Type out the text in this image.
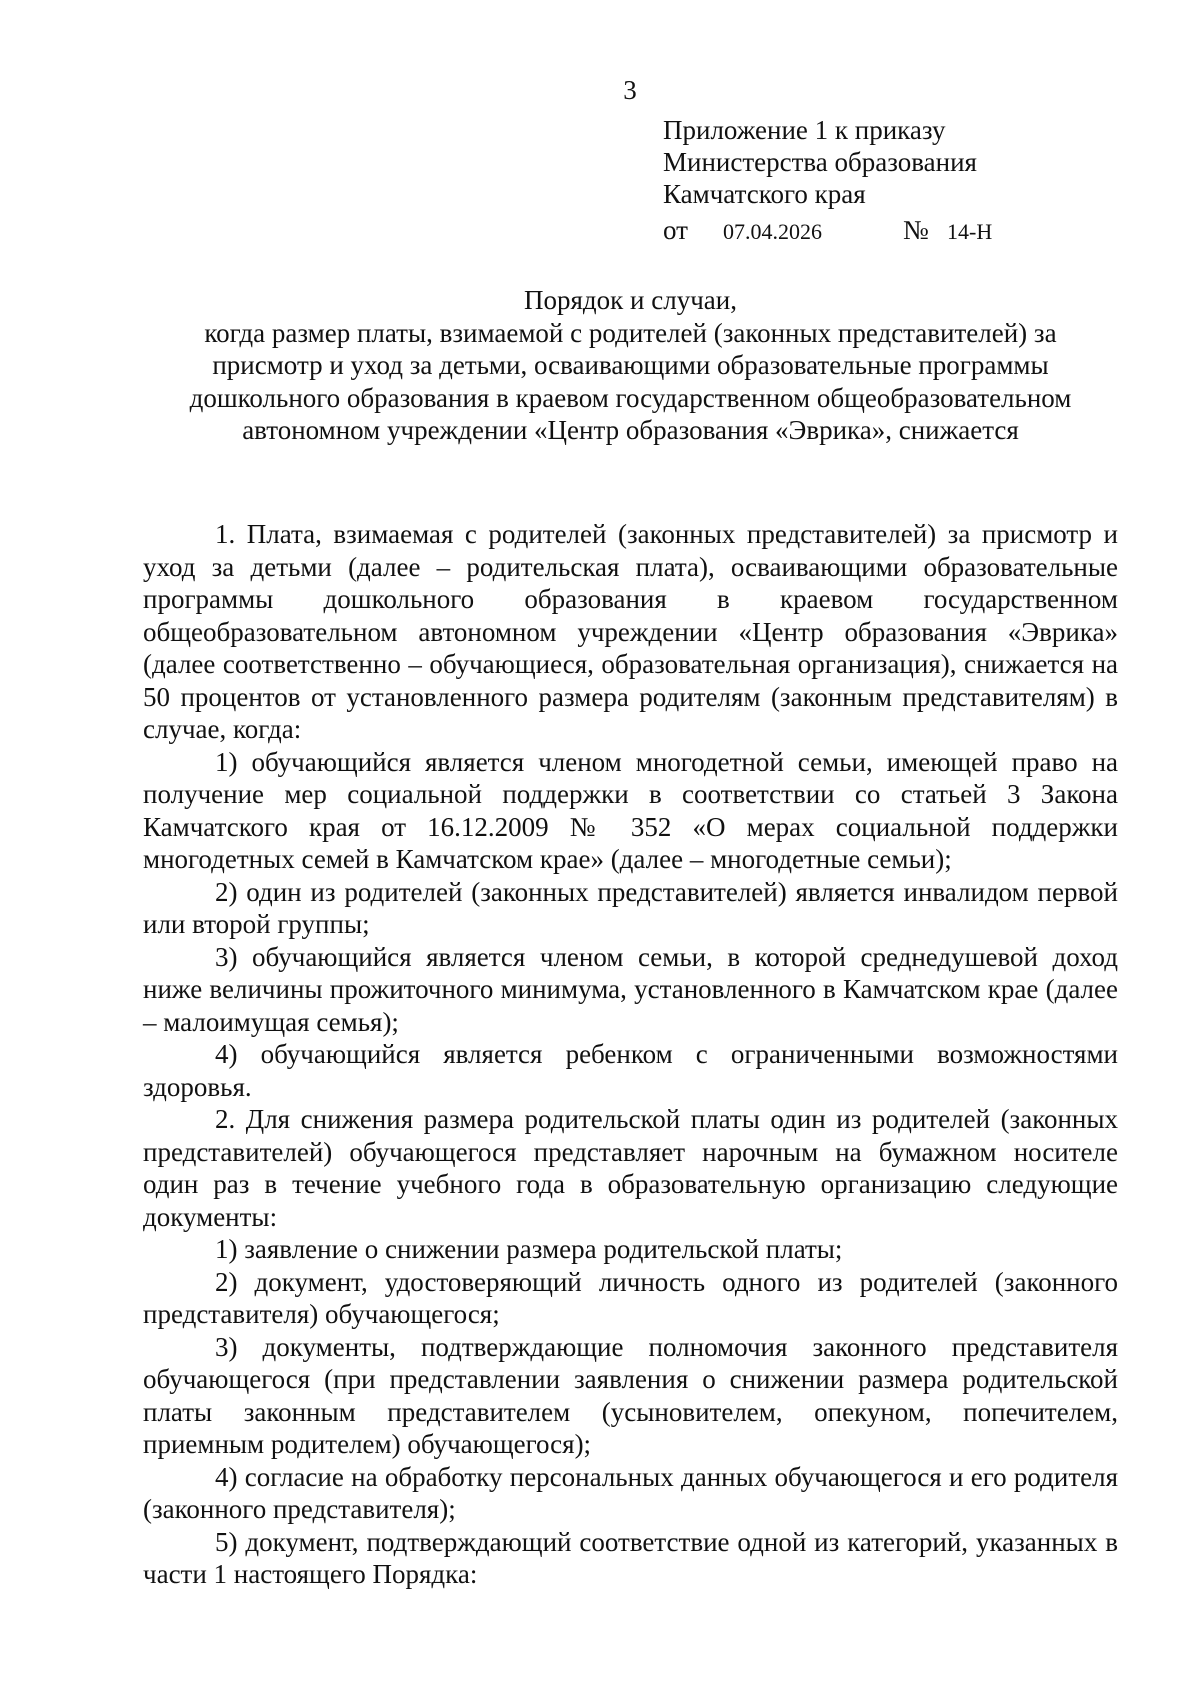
3
Приложение 1 к приказу
Министерства образования
Камчатского края
от	07.04.2026	№ 14-Н
Порядок и случаи,
когда размер платы, взимаемой с родителей (законных представителей) за
присмотр и уход за детьми, осваивающими образовательные программы
дошкольного образования в краевом государственном общеобразовательном
автономном учреждении «Центр образования «Эврика», снижается

1. Плата, взимаемая с родителей (законных представителей) за присмотр и уход за детьми (далее – родительская плата), осваивающими образовательные программы дошкольного образования в краевом государственном общеобразовательном автономном учреждении «Центр образования «Эврика» (далее соответственно – обучающиеся, образовательная организация), снижается на 50 процентов от установленного размера родителям (законным представителям) в случае, когда:

1) обучающийся является членом многодетной семьи, имеющей право на получение мер социальной поддержки в соответствии со статьей 3 Закона Камчатского края от 16.12.2009 № 352 «О мерах социальной поддержки многодетных семей в Камчатском крае» (далее – многодетные семьи);

2) один из родителей (законных представителей) является инвалидом первой или второй группы;

3) обучающийся является членом семьи, в которой среднедушевой доход ниже величины прожиточного минимума, установленного в Камчатском крае (далее – малоимущая семья);

4) обучающийся является ребенком с ограниченными возможностями здоровья.

2. Для снижения размера родительской платы один из родителей (законных представителей) обучающегося представляет нарочным на бумажном носителе один раз в течение учебного года в образовательную организацию следующие документы:

1) заявление о снижении размера родительской платы;

2) документ, удостоверяющий личность одного из родителей (законного представителя) обучающегося;

3) документы, подтверждающие полномочия законного представителя обучающегося (при представлении заявления о снижении размера родительской платы законным представителем (усыновителем, опекуном, попечителем, приемным родителем) обучающегося);

4) согласие на обработку персональных данных обучающегося и его родителя (законного представителя);

5) документ, подтверждающий соответствие одной из категорий, указанных в части 1 настоящего Порядка:
